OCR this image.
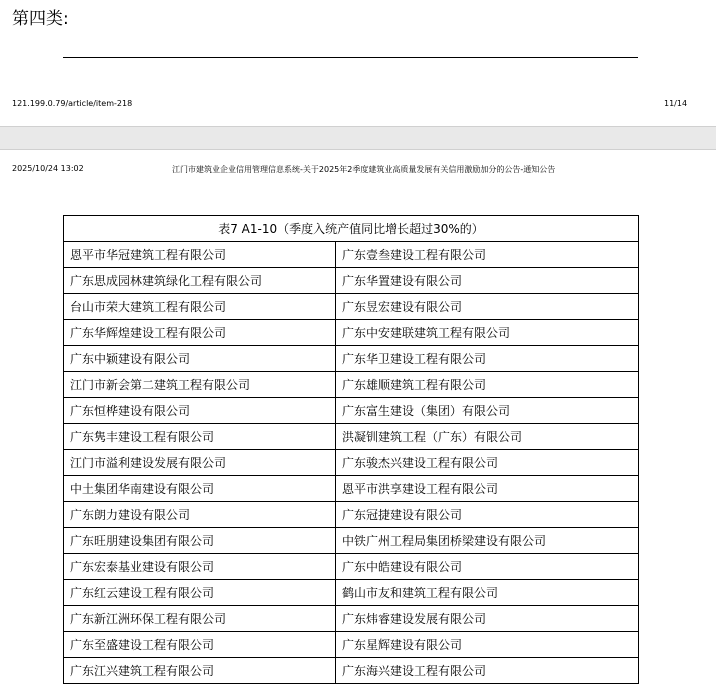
第四类:
121.199.0.79/article/item-218	11/14
2025/10/24 13:02	江门市建筑业企业信用管理信息系统-关于2025年2季度建筑业高质量发展有关信用激励加分的公告-通知公告
表7 A1-10（季度入统产值同比增长超过30%的）	
恩平市华冠建筑工程有限公司	广东壹叁建设工程有限公司
广东思成园林建筑绿化工程有限公司	广东华置建设有限公司
台山市荣大建筑工程有限公司	广东昱宏建设有限公司
广东华辉煌建设工程有限公司	广东中安建联建筑工程有限公司
广东中颖建设有限公司	广东华卫建设工程有限公司
江门市新会第二建筑工程有限公司	广东雄顺建筑工程有限公司
广东恒桦建设有限公司	广东富生建设（集团）有限公司
广东隽丰建设工程有限公司	洪凝钏建筑工程（广东）有限公司
江门市溢利建设发展有限公司	广东骏杰兴建设工程有限公司
中土集团华南建设有限公司	恩平市洪享建设工程有限公司
广东朗力建设有限公司	广东冠捷建设有限公司
广东旺朋建设集团有限公司	中铁广州工程局集团桥梁建设有限公司
广东宏泰基业建设有限公司	广东中皓建设有限公司
广东红云建设工程有限公司	鹤山市友和建筑工程有限公司
广东新江洲环保工程有限公司	广东炜睿建设发展有限公司
广东至盛建设工程有限公司	广东星辉建设有限公司
广东江兴建筑工程有限公司	广东海兴建设工程有限公司
